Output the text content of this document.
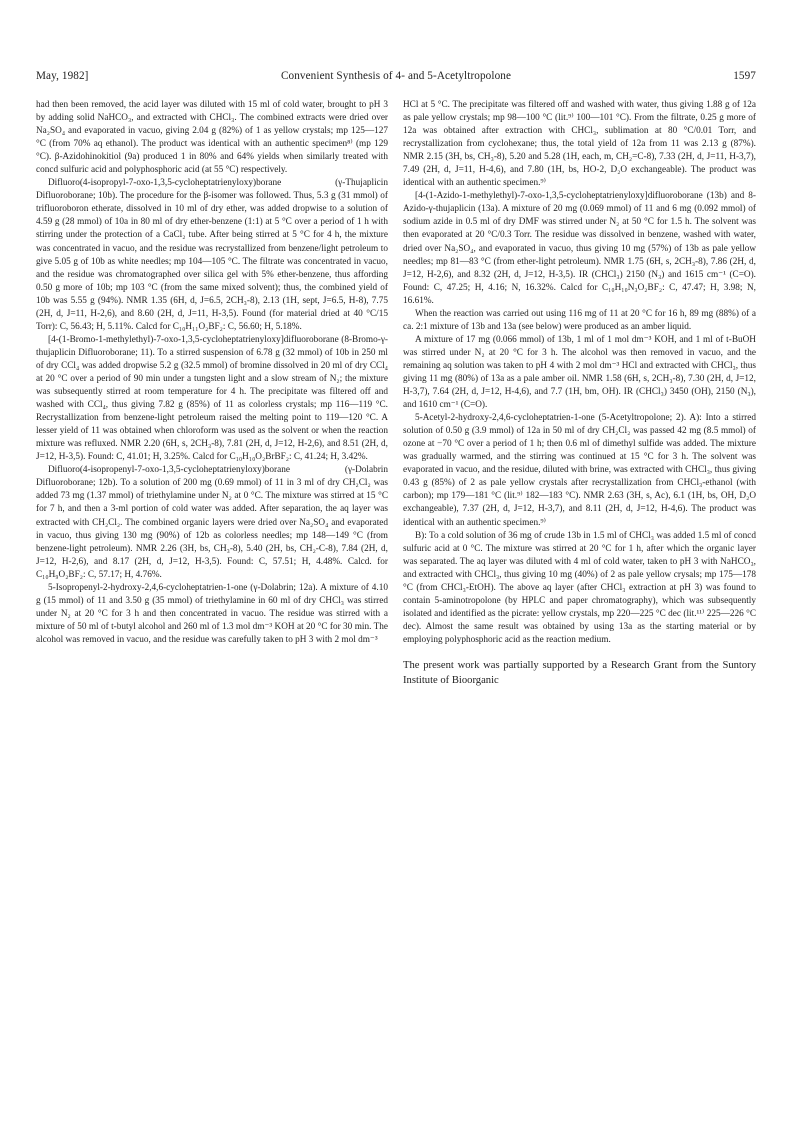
May, 1982]	Convenient Synthesis of 4- and 5-Acetyltropolone	1597

had then been removed, the acid layer was diluted with 15 ml of cold water, brought to pH 3 by adding solid NaHCO₃, and extracted with CHCl₃. The combined extracts were dried over Na₂SO₄ and evaporated in vacuo, giving 2.04 g (82%) of 1 as yellow crystals; mp 125—127 °C (from 70% aq ethanol). The product was identical with an authentic specimen⁸⁾ (mp 129 °C). β-Azidohinokitiol (9a) produced 1 in 80% and 64% yields when similarly treated with concd sulfuric acid and polyphosphoric acid (at 55 °C) respectively.

Difluoro(4-isopropyl-7-oxo-1,3,5-cycloheptatrienyloxy)borane (γ-Thujaplicin Difluoroborane; 10b). The procedure for the β-isomer was followed. Thus, 5.3 g (31 mmol) of trifluoroboron etherate, dissolved in 10 ml of dry ether, was added dropwise to a solution of 4.59 g (28 mmol) of 10a in 80 ml of dry ether-benzene (1:1) at 5 °C over a period of 1 h with stirring under the protection of a CaCl₂ tube. After being stirred at 5 °C for 4 h, the mixture was concentrated in vacuo, and the residue was recrystallized from benzene/light petroleum to give 5.05 g of 10b as white needles; mp 104—105 °C. The filtrate was concentrated in vacuo, and the residue was chromatographed over silica gel with 5% ether-benzene, thus affording 0.50 g more of 10b; mp 103 °C (from the same mixed solvent); thus, the combined yield of 10b was 5.55 g (94%). NMR 1.35 (6H, d, J=6.5, 2CH₃-8), 2.13 (1H, sept, J=6.5, H-8), 7.75 (2H, d, J=11, H-2,6), and 8.60 (2H, d, J=11, H-3,5). Found (for material dried at 40 °C/15 Torr): C, 56.43; H, 5.11%. Calcd for C₁₀H₁₁O₂BF₂: C, 56.60; H, 5.18%.

[4-(1-Bromo-1-methylethyl)-7-oxo-1,3,5-cycloheptatrienyloxy]difluoroborane (8-Bromo-γ-thujaplicin Difluoroborane; 11). To a stirred suspension of 6.78 g (32 mmol) of 10b in 250 ml of dry CCl₄ was added dropwise 5.2 g (32.5 mmol) of bromine dissolved in 20 ml of dry CCl₄ at 20 °C over a period of 90 min under a tungsten light and a slow stream of N₂; the mixture was subsequently stirred at room temperature for 4 h. The precipitate was filtered off and washed with CCl₄, thus giving 7.82 g (85%) of 11 as colorless crystals; mp 116—119 °C. Recrystallization from benzene-light petroleum raised the melting point to 119—120 °C. A lesser yield of 11 was obtained when chloroform was used as the solvent or when the reaction mixture was refluxed. NMR 2.20 (6H, s, 2CH₃-8), 7.81 (2H, d, J=12, H-2,6), and 8.51 (2H, d, J=12, H-3,5). Found: C, 41.01; H, 3.25%. Calcd for C₁₀H₁₀O₂BrBF₂: C, 41.24; H, 3.42%.

Difluoro(4-isopropenyl-7-oxo-1,3,5-cycloheptatrienyloxy)borane (γ-Dolabrin Difluoroborane; 12b). To a solution of 200 mg (0.69 mmol) of 11 in 3 ml of dry CH₂Cl₂ was added 73 mg (1.37 mmol) of triethylamine under N₂ at 0 °C. The mixture was stirred at 15 °C for 7 h, and then a 3-ml portion of cold water was added. After separation, the aq layer was extracted with CH₂Cl₂. The combined organic layers were dried over Na₂SO₄ and evaporated in vacuo, thus giving 130 mg (90%) of 12b as colorless needles; mp 148—149 °C (from benzene-light petroleum). NMR 2.26 (3H, bs, CH₃-8), 5.40 (2H, bs, CH₂-C-8), 7.84 (2H, d, J=12, H-2,6), and 8.17 (2H, d, J=12, H-3,5). Found: C, 57.51; H, 4.48%. Calcd. for C₁₀H₉O₂BF₂: C, 57.17; H, 4.76%.

5-Isopropenyl-2-hydroxy-2,4,6-cycloheptatrien-1-one (γ-Dolabrin; 12a). A mixture of 4.10 g (15 mmol) of 11 and 3.50 g (35 mmol) of triethylamine in 60 ml of dry CHCl₃ was stirred under N₂ at 20 °C for 3 h and then concentrated in vacuo. The residue was stirred with a mixture of 50 ml of t-butyl alcohol and 260 ml of 1.3 mol dm⁻³ KOH at 20 °C for 30 min. The alcohol was removed in vacuo, and the residue was carefully taken to pH 3 with 2 mol dm⁻³

HCl at 5 °C. The precipitate was filtered off and washed with water, thus giving 1.88 g of 12a as pale yellow crystals; mp 98—100 °C (lit.⁹⁾ 100—101 °C). From the filtrate, 0.25 g more of 12a was obtained after extraction with CHCl₃, sublimation at 80 °C/0.01 Torr, and recrystallization from cyclohexane; thus, the total yield of 12a from 11 was 2.13 g (87%). NMR 2.15 (3H, bs, CH₃-8), 5.20 and 5.28 (1H, each, m, CH₂=C-8), 7.33 (2H, d, J=11, H-3,7), 7.49 (2H, d, J=11, H-4,6), and 7.80 (1H, bs, HO-2, D₂O exchangeable). The product was identical with an authentic specimen.⁹⁾

[4-(1-Azido-1-methylethyl)-7-oxo-1,3,5-cycloheptatrienyloxy]difluoroborane (13b) and 8-Azido-γ-thujaplicin (13a). A mixture of 20 mg (0.069 mmol) of 11 and 6 mg (0.092 mmol) of sodium azide in 0.5 ml of dry DMF was stirred under N₂ at 50 °C for 1.5 h. The solvent was then evaporated at 20 °C/0.3 Torr. The residue was dissolved in benzene, washed with water, dried over Na₂SO₄, and evaporated in vacuo, thus giving 10 mg (57%) of 13b as pale yellow needles; mp 81—83 °C (from ether-light petroleum). NMR 1.75 (6H, s, 2CH₃-8), 7.86 (2H, d, J=12, H-2,6), and 8.32 (2H, d, J=12, H-3,5). IR (CHCl₃) 2150 (N₃) and 1615 cm⁻¹ (C=O). Found: C, 47.25; H, 4.16; N, 16.32%. Calcd for C₁₀H₁₀N₃O₂BF₂: C, 47.47; H, 3.98; N, 16.61%.

When the reaction was carried out using 116 mg of 11 at 20 °C for 16 h, 89 mg (88%) of a ca. 2:1 mixture of 13b and 13a (see below) were produced as an amber liquid.

A mixture of 17 mg (0.066 mmol) of 13b, 1 ml of 1 mol dm⁻³ KOH, and 1 ml of t-BuOH was stirred under N₂ at 20 °C for 3 h. The alcohol was then removed in vacuo, and the remaining aq solution was taken to pH 4 with 2 mol dm⁻³ HCl and extracted with CHCl₃, thus giving 11 mg (80%) of 13a as a pale amber oil. NMR 1.58 (6H, s, 2CH₃-8), 7.30 (2H, d, J=12, H-3,7), 7.64 (2H, d, J=12, H-4,6), and 7.7 (1H, bm, OH). IR (CHCl₃) 3450 (OH), 2150 (N₃), and 1610 cm⁻¹ (C=O).

5-Acetyl-2-hydroxy-2,4,6-cycloheptatrien-1-one (5-Acetyltropolone; 2). A): Into a stirred solution of 0.50 g (3.9 mmol) of 12a in 50 ml of dry CH₂Cl₂ was passed 42 mg (8.5 mmol) of ozone at −70 °C over a period of 1 h; then 0.6 ml of dimethyl sulfide was added. The mixture was gradually warmed, and the stirring was continued at 15 °C for 3 h. The solvent was evaporated in vacuo, and the residue, diluted with brine, was extracted with CHCl₃, thus giving 0.43 g (85%) of 2 as pale yellow crystals after recrystallization from CHCl₃-ethanol (with carbon); mp 179—181 °C (lit.⁹⁾ 182—183 °C). NMR 2.63 (3H, s, Ac), 6.1 (1H, bs, OH, D₂O exchangeable), 7.37 (2H, d, J=12, H-3,7), and 8.11 (2H, d, J=12, H-4,6). The product was identical with an authentic specimen.⁹⁾

B): To a cold solution of 36 mg of crude 13b in 1.5 ml of CHCl₃ was added 1.5 ml of concd sulfuric acid at 0 °C. The mixture was stirred at 20 °C for 1 h, after which the organic layer was separated. The aq layer was diluted with 4 ml of cold water, taken to pH 3 with NaHCO₃, and extracted with CHCl₃, thus giving 10 mg (40%) of 2 as pale yellow crysals; mp 175—178 °C (from CHCl₃-EtOH). The above aq layer (after CHCl₃ extraction at pH 3) was found to contain 5-aminotropolone (by HPLC and paper chromatography), which was subsequently isolated and identified as the picrate: yellow crystals, mp 220—225 °C dec (lit.¹¹⁾ 225—226 °C dec). Almost the same result was obtained by using 13a as the starting material or by employing polyphosphoric acid as the reaction medium.

The present work was partially supported by a Research Grant from the Suntory Institute of Bioorganic
